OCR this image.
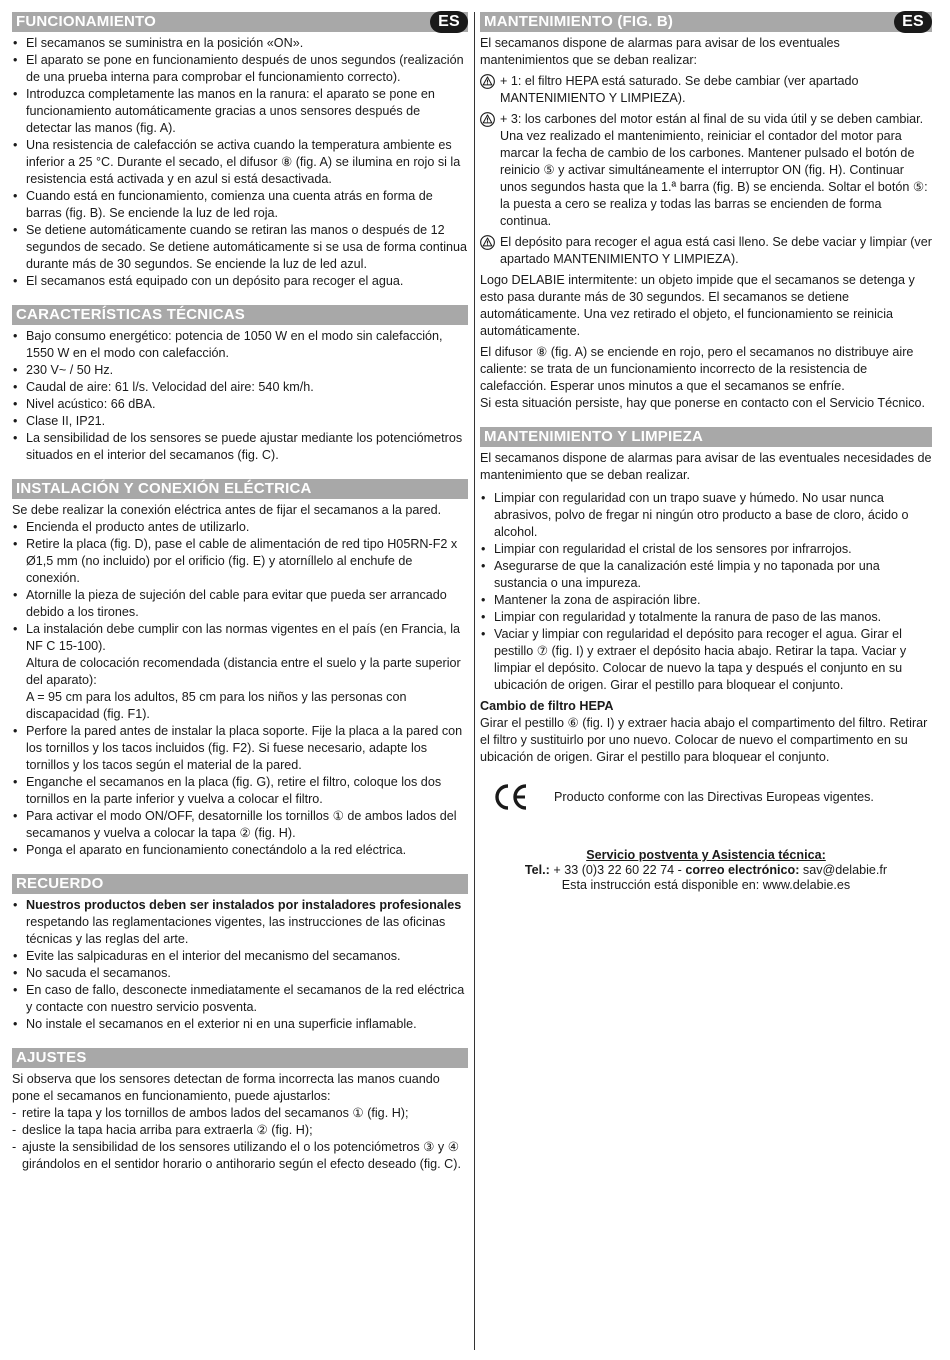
FUNCIONAMIENTO	ES
• El secamanos se suministra en la posición «ON».
• El aparato se pone en funcionamiento después de unos segundos (realización de una prueba interna para comprobar el funcionamiento correcto).
• Introduzca completamente las manos en la ranura: el aparato se pone en funcionamiento automáticamente gracias a unos sensores después de detectar las manos (fig. A).
• Una resistencia de calefacción se activa cuando la temperatura ambiente es inferior a 25 °C. Durante el secado, el difusor ⑧ (fig. A) se ilumina en rojo si la resistencia está activada y en azul si está desactivada.
• Cuando está en funcionamiento, comienza una cuenta atrás en forma de barras (fig. B). Se enciende la luz de led roja.
• Se detiene automáticamente cuando se retiran las manos o después de 12 segundos de secado. Se detiene automáticamente si se usa de forma continua durante más de 30 segundos. Se enciende la luz de led azul.
• El secamanos está equipado con un depósito para recoger el agua.
CARACTERÍSTICAS TÉCNICAS
• Bajo consumo energético: potencia de 1050 W en el modo sin calefacción, 1550 W en el modo con calefacción.
• 230 V~ / 50 Hz.
• Caudal de aire: 61 l/s. Velocidad del aire: 540 km/h.
• Nivel acústico: 66 dBA.
• Clase II, IP21.
• La sensibilidad de los sensores se puede ajustar mediante los potenciómetros situados en el interior del secamanos (fig. C).
INSTALACIÓN Y CONEXIÓN ELÉCTRICA

Se debe realizar la conexión eléctrica antes de fijar el secamanos a la pared.

• Encienda el producto antes de utilizarlo.
• Retire la placa (fig. D), pase el cable de alimentación de red tipo H05RN-F2 x Ø1,5 mm (no incluido) por el orificio (fig. E) y atorníllelo al enchufe de conexión.
• Atornille la pieza de sujeción del cable para evitar que pueda ser arrancado debido a los tirones.
• La instalación debe cumplir con las normas vigentes en el país (en Francia, la NF C 15-100).
Altura de colocación recomendada (distancia entre el suelo y la parte superior del aparato):
A = 95 cm para los adultos, 85 cm para los niños y las personas con discapacidad (fig. F1).
• Perfore la pared antes de instalar la placa soporte. Fije la placa a la pared con los tornillos y los tacos incluidos (fig. F2). Si fuese necesario, adapte los tornillos y los tacos según el material de la pared.
• Enganche el secamanos en la placa (fig. G), retire el filtro, coloque los dos tornillos en la parte inferior y vuelva a colocar el filtro.
• Para activar el modo ON/OFF, desatornille los tornillos ① de ambos lados del secamanos y vuelva a colocar la tapa ② (fig. H).
• Ponga el aparato en funcionamiento conectándolo a la red eléctrica.
RECUERDO
• Nuestros productos deben ser instalados por instaladores profesionales respetando las reglamentaciones vigentes, las instrucciones de las oficinas técnicas y las reglas del arte.
• Evite las salpicaduras en el interior del mecanismo del secamanos.
• No sacuda el secamanos.
• En caso de fallo, desconecte inmediatamente el secamanos de la red eléctrica y contacte con nuestro servicio posventa.
• No instale el secamanos en el exterior ni en una superficie inflamable.
AJUSTES

Si observa que los sensores detectan de forma incorrecta las manos cuando pone el secamanos en funcionamiento, puede ajustarlos:

- retire la tapa y los tornillos de ambos lados del secamanos ① (fig. H);
- deslice la tapa hacia arriba para extraerla ② (fig. H);
- ajuste la sensibilidad de los sensores utilizando el o los potenciómetros ③ y ④ girándolos en el sentidor horario o antihorario según el efecto deseado (fig. C).
MANTENIMIENTO (FIG. B)	ES

El secamanos dispone de alarmas para avisar de los eventuales mantenimientos que se deban realizar:

+ 1: el filtro HEPA está saturado. Se debe cambiar (ver apartado MANTENIMIENTO Y LIMPIEZA).
+ 3: los carbones del motor están al final de su vida útil y se deben cambiar. Una vez realizado el mantenimiento, reiniciar el contador del motor para marcar la fecha de cambio de los carbones. Mantener pulsado el botón de reinicio ⑤ y activar simultáneamente el interruptor ON (fig. H). Continuar unos segundos hasta que la 1.ª barra (fig. B) se encienda. Soltar el botón ⑤: la puesta a cero se realiza y todas las barras se encienden de forma continua.
El depósito para recoger el agua está casi lleno. Se debe vaciar y limpiar (ver apartado MANTENIMIENTO Y LIMPIEZA).

Logo DELABIE intermitente: un objeto impide que el secamanos se detenga y esto pasa durante más de 30 segundos. El secamanos se detiene automáticamente. Una vez retirado el objeto, el funcionamiento se reinicia automáticamente.

El difusor ⑧ (fig. A) se enciende en rojo, pero el secamanos no distribuye aire caliente: se trata de un funcionamiento incorrecto de la resistencia de calefacción. Esperar unos minutos a que el secamanos se enfríe.

Si esta situación persiste, hay que ponerse en contacto con el Servicio Técnico.

MANTENIMIENTO Y LIMPIEZA

El secamanos dispone de alarmas para avisar de las eventuales necesidades de mantenimiento que se deban realizar.

• Limpiar con regularidad con un trapo suave y húmedo. No usar nunca abrasivos, polvo de fregar ni ningún otro producto a base de cloro, ácido o alcohol.
• Limpiar con regularidad el cristal de los sensores por infrarrojos.
• Asegurarse de que la canalización esté limpia y no taponada por una sustancia o una impureza.
• Mantener la zona de aspiración libre.
• Limpiar con regularidad y totalmente la ranura de paso de las manos.
• Vaciar y limpiar con regularidad el depósito para recoger el agua. Girar el pestillo ⑦ (fig. I) y extraer el depósito hacia abajo. Retirar la tapa. Vaciar y limpiar el depósito. Colocar de nuevo la tapa y después el conjunto en su ubicación de origen. Girar el pestillo para bloquear el conjunto.

Cambio de filtro HEPA

Girar el pestillo ⑥ (fig. I) y extraer hacia abajo el compartimento del filtro. Retirar el filtro y sustituirlo por uno nuevo. Colocar de nuevo el compartimento en su ubicación de origen. Girar el pestillo para bloquear el conjunto.

Producto conforme con las Directivas Europeas vigentes.
Servicio postventa y Asistencia técnica:
Tel.: + 33 (0)3 22 60 22 74 - correo electrónico: sav@delabie.fr
Esta instrucción está disponible en: www.delabie.es
